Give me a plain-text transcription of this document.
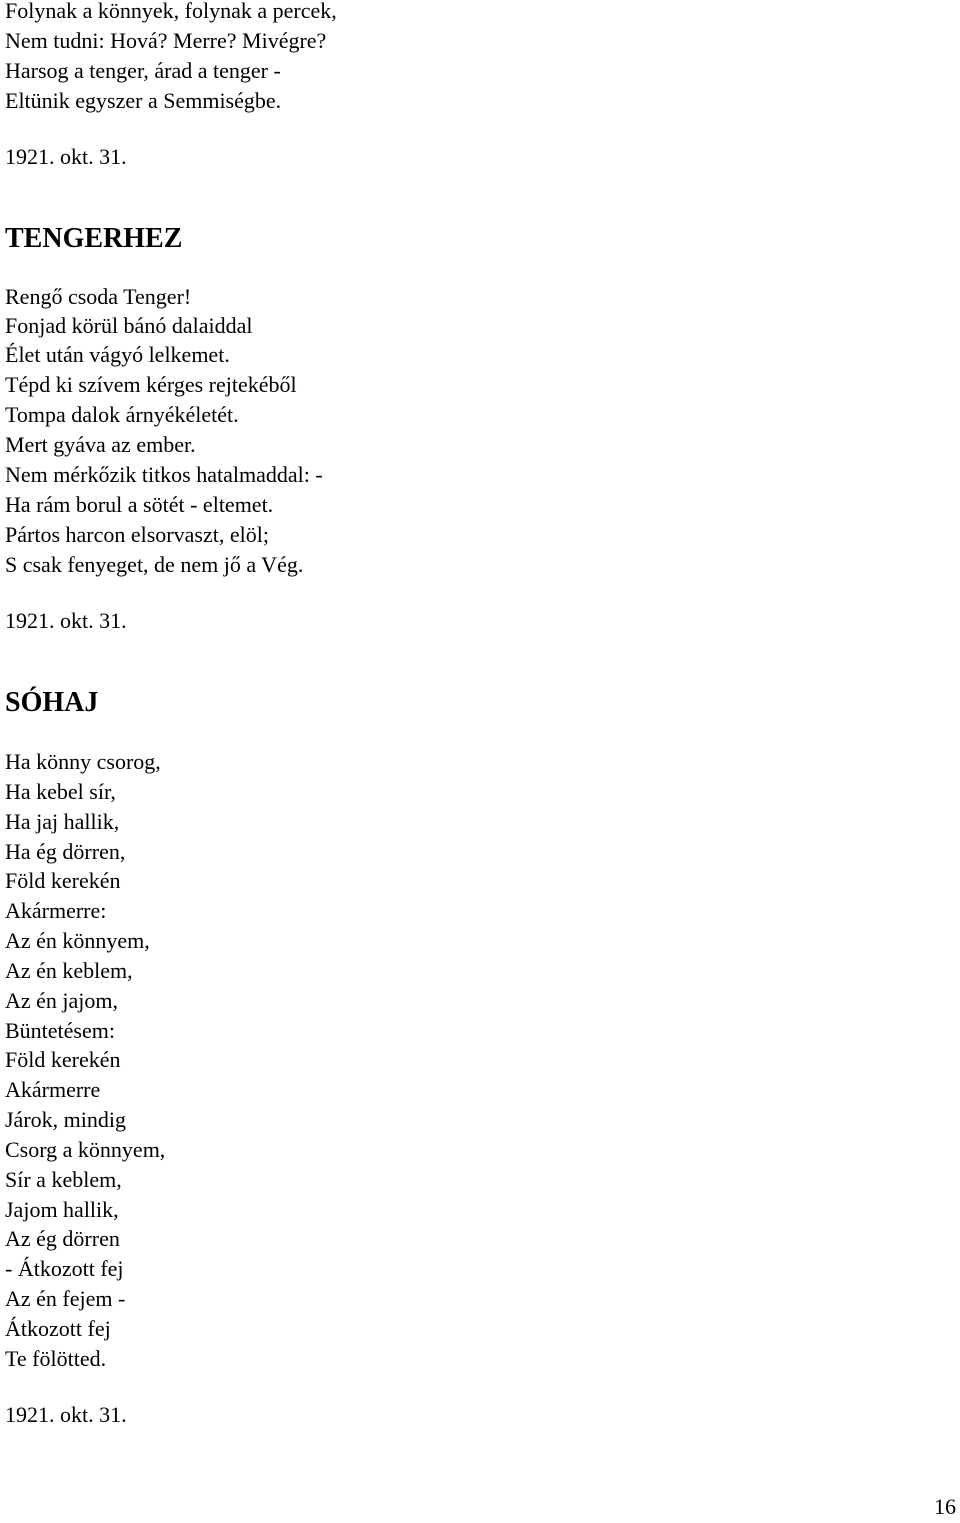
Folynak a könnyek, folynak a percek,

Nem tudni: Hová? Merre? Mivégre?

Harsog a tenger, árad a tenger -

Eltünik egyszer a Semmiségbe.

1921. okt. 31.

TENGERHEZ

Rengő csoda Tenger!

Fonjad körül bánó dalaiddal

Élet után vágyó lelkemet.

Tépd ki szívem kérges rejtekéből

Tompa dalok árnyékéletét.

Mert gyáva az ember.

Nem mérkőzik titkos hatalmaddal: -

Ha rám borul a sötét - eltemet.

Pártos harcon elsorvaszt, elöl;

S csak fenyeget, de nem jő a Vég.

1921. okt. 31.

SÓHAJ

Ha könny csorog,

Ha kebel sír,

Ha jaj hallik,

Ha ég dörren,

Föld kerekén

Akármerre:

Az én könnyem,

Az én keblem,

Az én jajom,

Büntetésem:

Föld kerekén

Akármerre

Járok, mindig

Csorg a könnyem,

Sír a keblem,

Jajom hallik,

Az ég dörren

- Átkozott fej

Az én fejem -

Átkozott fej

Te fölötted.

1921. okt. 31.

16
